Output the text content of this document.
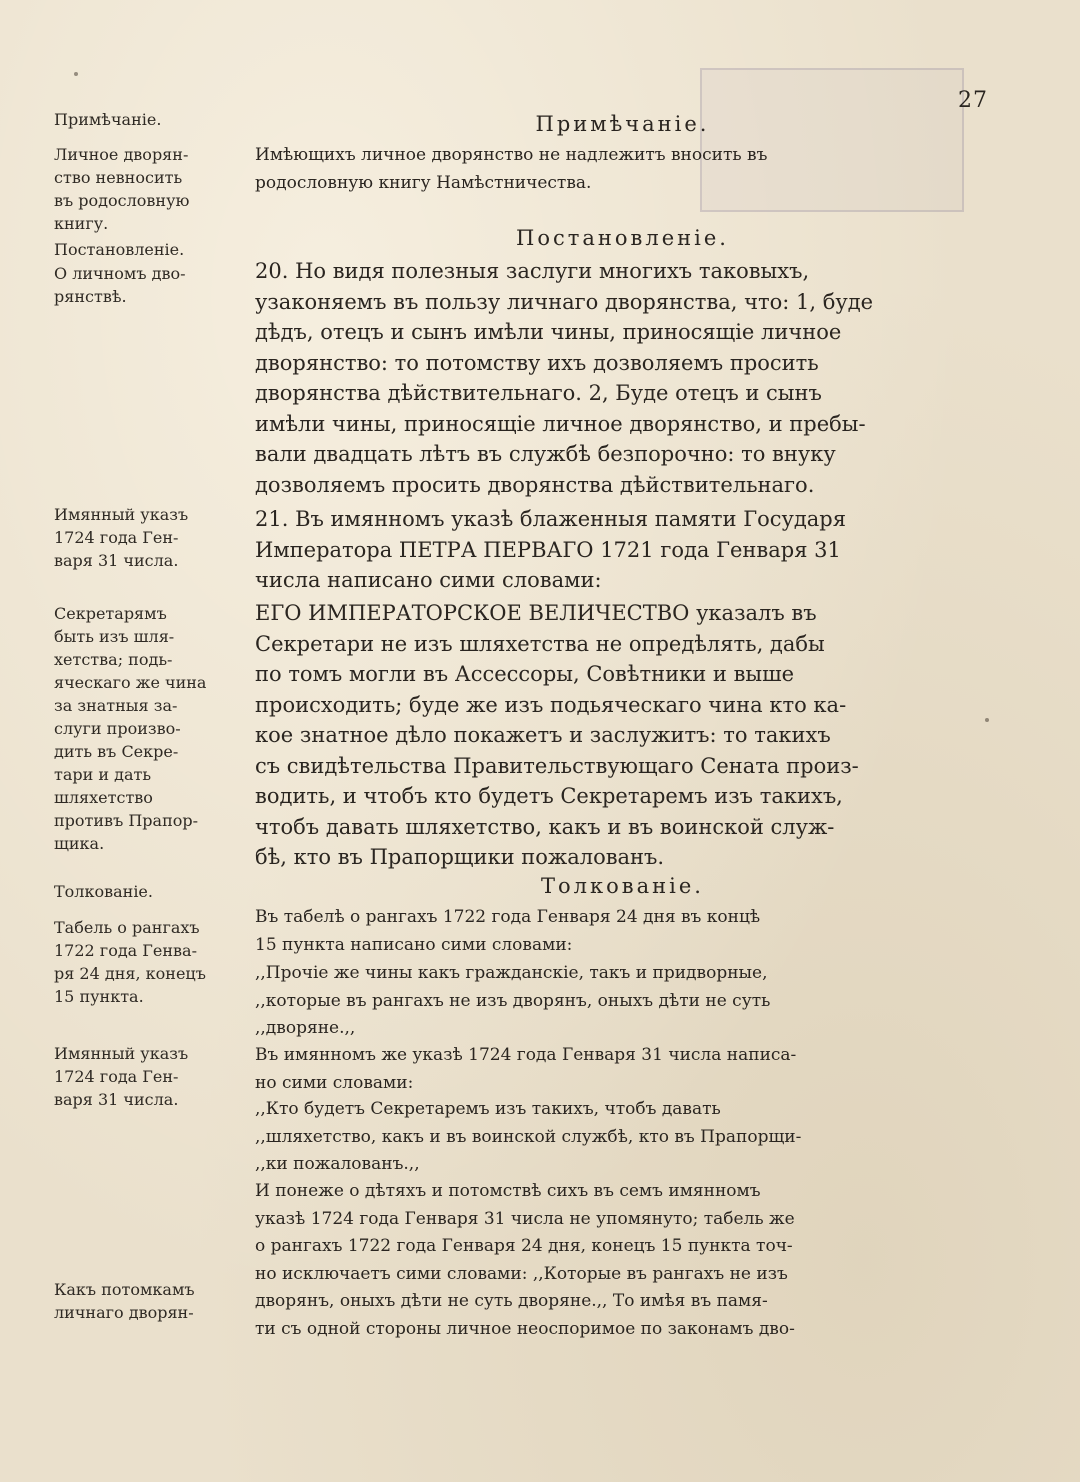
27
Примѣчанie.
Личное дворян-
ство невносить
въ родословную
книгу.
Постановленie.
О личномъ дво-
рянствѣ.
Имянный указъ
1724 года Ген-
варя 31 числа.
Секретарямъ
быть изъ шля-
хетства; подь-
яческаго же чина
за знатныя за-
слуги произво-
дить въ Секре-
тари и дать
шляхетство
противъ Прапор-
щика.
Толкованie.
Табель о рангахъ
1722 года Генва-
ря 24 дня, конецъ
15 пункта.
Имянный указъ
1724 года Ген-
варя 31 числа.
Какъ потомкамъ
личнаго дворян-
Примѣчанie.
Имѣющихъ личное дворянство не надлежитъ вносить въ
родословную книгу Намѣстничества.
Постановленie.
20. Но видя полезныя заслуги многихъ таковыхъ,
узаконяемъ въ пользу личнаго дворянства, что: 1, буде
дѣдъ, отецъ и сынъ имѣли чины, приносящie личное
дворянство: то потомству ихъ дозволяемъ просить
дворянства дѣйствительнаго. 2, Буде отецъ и сынъ
имѣли чины, приносящie личное дворянство, и пребы-
вали двадцать лѣтъ въ службѣ безпорочно: то внуку
дозволяемъ просить дворянства дѣйствительнаго.
21. Въ имянномъ указѣ блаженныя памяти Государя
Императора ПЕТРА ПЕРВАГО 1721 года Генваря 31
числа написано сими словами:
ЕГО ИМПЕРАТОРСКОЕ ВЕЛИЧЕСТВО указалъ въ
Секретари не изъ шляхетства не опредѣлять, дабы
по томъ могли въ Ассессоры, Совѣтники и выше
происходить; буде же изъ подьяческаго чина кто ка-
кое знатное дѣло покажетъ и заслужитъ: то такихъ
съ свидѣтельства Правительствующаго Сената произ-
водить, и чтобъ кто будетъ Секретаремъ изъ такихъ,
чтобъ давать шляхетство, какъ и въ воинской служ-
бѣ, кто въ Прапорщики пожалованъ.
Толкованie.
Въ табелѣ о рангахъ 1722 года Генваря 24 дня въ концѣ
15 пункта написано сими словами:
,,Прочiе же чины какъ гражданскie, такъ и придворные,
,,которые въ рангахъ не изъ дворянъ, оныхъ дѣти не суть
,,дворяне.,,
Въ имянномъ же указѣ 1724 года Генваря 31 числа написа-
но сими словами:
,,Кто будетъ Секретаремъ изъ такихъ, чтобъ давать
,,шляхетство, какъ и въ воинской службѣ, кто въ Прапорщи-
,,ки пожалованъ.,,
И понеже о дѣтяхъ и потомствѣ сихъ въ семъ имянномъ
указѣ 1724 года Генваря 31 числа не упомянуто; табель же
о рангахъ 1722 года Генваря 24 дня, конецъ 15 пункта точ-
но исключаетъ сими словами: ,,Которые въ рангахъ не изъ
дворянъ, оныхъ дѣти не суть дворяне.,, То имѣя въ памя-
ти съ одной стороны личное неоспоримое по законамъ дво-
